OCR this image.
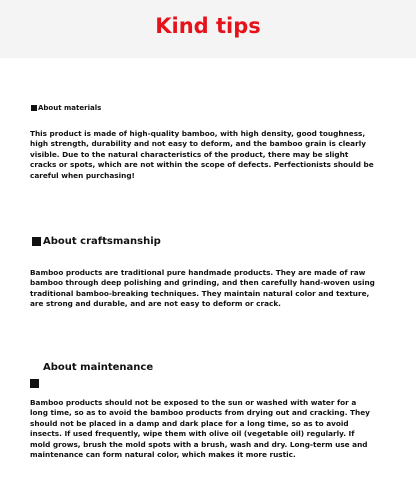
Kind tips
About materials

This product is made of high-quality bamboo, with high density, good toughness, high strength, durability and not easy to deform, and the bamboo grain is clearly visible. Due to the natural characteristics of the product, there may be slight cracks or spots, which are not within the scope of defects. Perfectionists should be careful when purchasing!

About craftsmanship

Bamboo products are traditional pure handmade products. They are made of raw bamboo through deep polishing and grinding, and then carefully hand-woven using traditional bamboo-breaking techniques. They maintain natural color and texture, are strong and durable, and are not easy to deform or crack.

About maintenance

Bamboo products should not be exposed to the sun or washed with water for a long time, so as to avoid the bamboo products from drying out and cracking. They should not be placed in a damp and dark place for a long time, so as to avoid insects. If used frequently, wipe them with olive oil (vegetable oil) regularly. If mold grows, brush the mold spots with a brush, wash and dry. Long-term use and maintenance can form natural color, which makes it more rustic.
